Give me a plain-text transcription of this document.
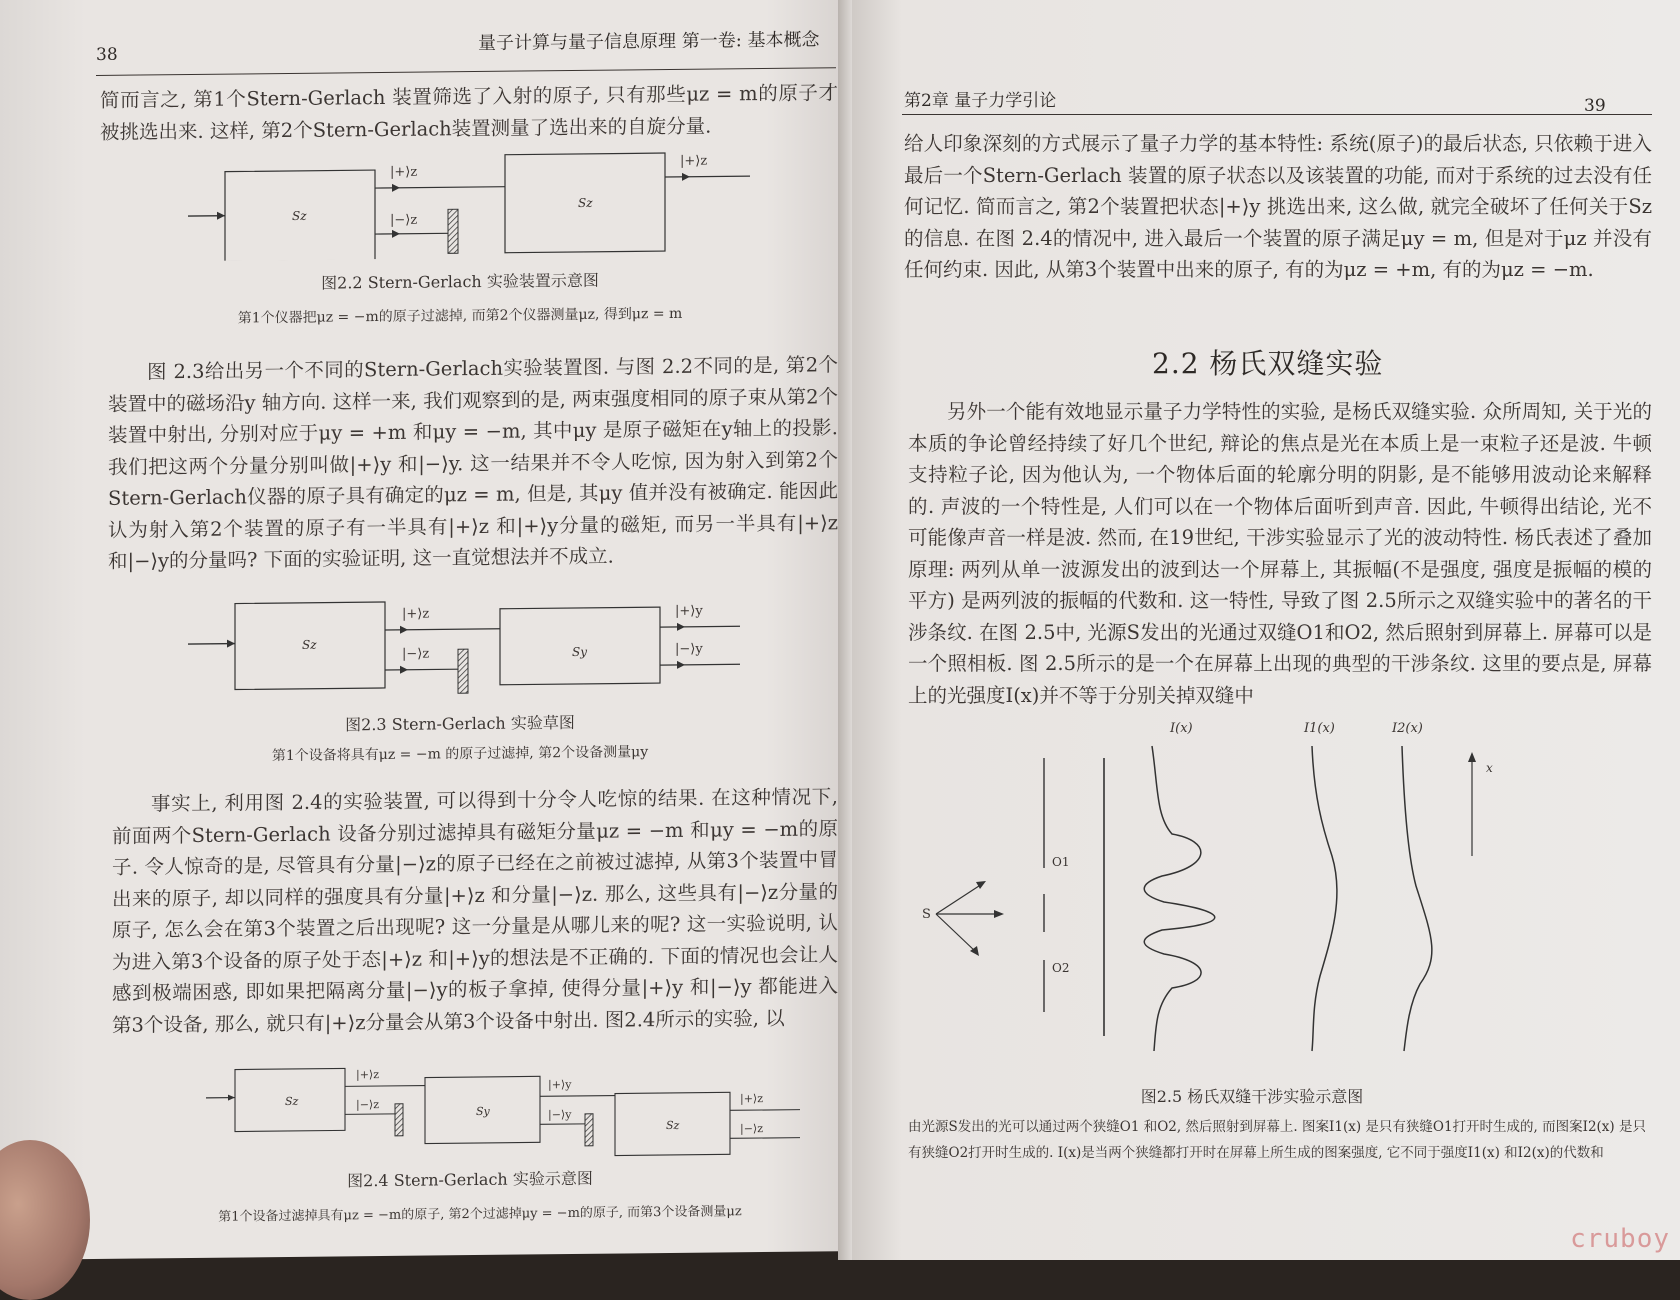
38
量子计算与量子信息原理 第一卷: 基本概念

简而言之, 第1个Stern-Gerlach 装置筛选了入射的原子, 只有那些μz = m的原子才被挑选出来. 这样, 第2个Stern-Gerlach装置测量了选出来的自旋分量.

Sz
|+⟩z
|−⟩z
Sz
|+⟩z
图2.2 Stern-Gerlach 实验装置示意图
第1个仪器把μz = −m的原子过滤掉, 而第2个仪器测量μz, 得到μz = m

图 2.3给出另一个不同的Stern-Gerlach实验装置图. 与图 2.2不同的是, 第2个装置中的磁场沿y 轴方向. 这样一来, 我们观察到的是, 两束强度相同的原子束从第2个装置中射出, 分别对应于μy = +m 和μy = −m, 其中μy 是原子磁矩在y轴上的投影. 我们把这两个分量分别叫做|+⟩y 和|−⟩y. 这一结果并不令人吃惊, 因为射入到第2个Stern-Gerlach仪器的原子具有确定的μz = m, 但是, 其μy 值并没有被确定. 能因此认为射入第2个装置的原子有一半具有|+⟩z 和|+⟩y分量的磁矩, 而另一半具有|+⟩z 和|−⟩y的分量吗? 下面的实验证明, 这一直觉想法并不成立.

Sz
|+⟩z
|−⟩z	Sy
|+⟩y
|−⟩y
图2.3 Stern-Gerlach 实验草图
第1个设备将具有μz = −m 的原子过滤掉, 第2个设备测量μy

事实上, 利用图 2.4的实验装置, 可以得到十分令人吃惊的结果. 在这种情况下, 前面两个Stern-Gerlach 设备分别过滤掉具有磁矩分量μz = −m 和μy = −m的原子. 令人惊奇的是, 尽管具有分量|−⟩z的原子已经在之前被过滤掉, 从第3个装置中冒出来的原子, 却以同样的强度具有分量|+⟩z 和分量|−⟩z. 那么, 这些具有|−⟩z分量的原子, 怎么会在第3个装置之后出现呢? 这一分量是从哪儿来的呢? 这一实验说明, 认为进入第3个设备的原子处于态|+⟩z 和|+⟩y的想法是不正确的. 下面的情况也会让人感到极端困惑, 即如果把隔离分量|−⟩y的板子拿掉, 使得分量|+⟩y 和|−⟩y 都能进入第3个设备, 那么, 就只有|+⟩z分量会从第3个设备中射出. 图2.4所示的实验, 以

Sz
|+⟩z
|−⟩z
Sy
|+⟩y
|−⟩y
Sz
|+⟩z
|−⟩z
图2.4 Stern-Gerlach 实验示意图
第1个设备过滤掉具有μz = −m的原子, 第2个过滤掉μy = −m的原子, 而第3个设备测量μz
第2章 量子力学引论	39

给人印象深刻的方式展示了量子力学的基本特性: 系统(原子)的最后状态, 只依赖于进入最后一个Stern-Gerlach 装置的原子状态以及该装置的功能, 而对于系统的过去没有任何记忆. 简而言之, 第2个装置把状态|+⟩y 挑选出来, 这么做, 就完全破坏了任何关于Sz的信息. 在图 2.4的情况中, 进入最后一个装置的原子满足μy = m, 但是对于μz 并没有任何约束. 因此, 从第3个装置中出来的原子, 有的为μz = +m, 有的为μz = −m.

2.2 杨氏双缝实验

另外一个能有效地显示量子力学特性的实验, 是杨氏双缝实验. 众所周知, 关于光的本质的争论曾经持续了好几个世纪, 辩论的焦点是光在本质上是一束粒子还是波. 牛顿支持粒子论, 因为他认为, 一个物体后面的轮廓分明的阴影, 是不能够用波动论来解释的. 声波的一个特性是, 人们可以在一个物体后面听到声音. 因此, 牛顿得出结论, 光不可能像声音一样是波. 然而, 在19世纪, 干涉实验显示了光的波动特性. 杨氏表述了叠加原理: 两列从单一波源发出的波到达一个屏幕上, 其振幅(不是强度, 强度是振幅的模的平方) 是两列波的振幅的代数和. 这一特性, 导致了图 2.5所示之双缝实验中的著名的干涉条纹. 在图 2.5中, 光源S发出的光通过双缝O1和O2, 然后照射到屏幕上. 屏幕可以是一个照相板. 图 2.5所示的是一个在屏幕上出现的典型的干涉条纹. 这里的要点是, 屏幕上的光强度I(x)并不等于分别关掉双缝中

I(x)	I1(x)	I2(x)
x
O1
O2
S
图2.5 杨氏双缝干涉实验示意图
由光源S发出的光可以通过两个狭缝O1 和O2, 然后照射到屏幕上. 图案I1(x) 是只有狭缝O1打开时生成的, 而图案I2(x) 是只有狭缝O2打开时生成的. I(x)是当两个狭缝都打开时在屏幕上所生成的图案强度, 它不同于强度I1(x) 和I2(x)的代数和
cruboy
